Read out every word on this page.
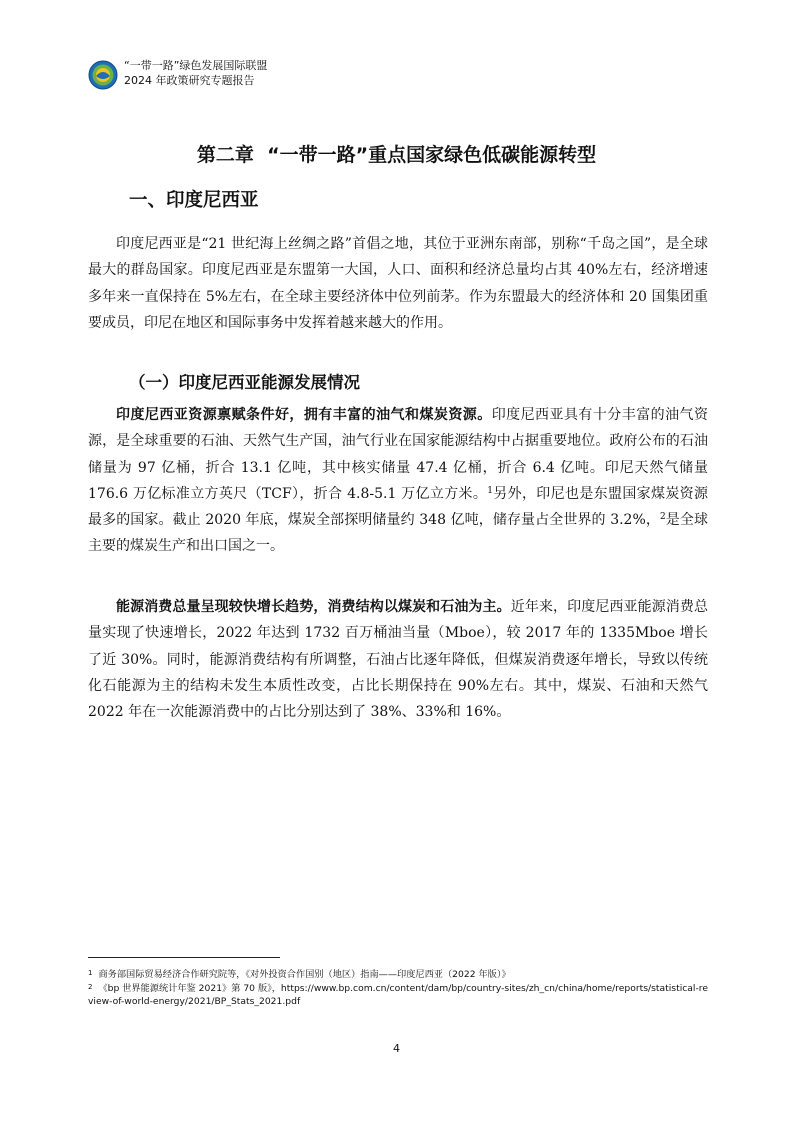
“一带一路”绿色发展国际联盟
2024 年政策研究专题报告
第二章  “一带一路”重点国家绿色低碳能源转型
一、印度尼西亚

印度尼西亚是“21 世纪海上丝绸之路”首倡之地，其位于亚洲东南部，别称“千岛之国”，是全球最大的群岛国家。印度尼西亚是东盟第一大国，人口、面积和经济总量均占其 40%左右，经济增速多年来一直保持在 5%左右，在全球主要经济体中位列前茅。作为东盟最大的经济体和 20 国集团重要成员，印尼在地区和国际事务中发挥着越来越大的作用。

（一）印度尼西亚能源发展情况

印度尼西亚资源禀赋条件好，拥有丰富的油气和煤炭资源。印度尼西亚具有十分丰富的油气资源，是全球重要的石油、天然气生产国，油气行业在国家能源结构中占据重要地位。政府公布的石油储量为 97 亿桶，折合 13.1 亿吨，其中核实储量 47.4 亿桶，折合 6.4 亿吨。印尼天然气储量 176.6 万亿标准立方英尺（TCF），折合 4.8-5.1 万亿立方米。$^1$另外，印尼也是东盟国家煤炭资源最多的国家。截止 2020 年底，煤炭全部探明储量约 348 亿吨，储存量占全世界的 3.2%，$^2$是全球主要的煤炭生产和出口国之一。

能源消费总量呈现较快增长趋势，消费结构以煤炭和石油为主。近年来，印度尼西亚能源消费总量实现了快速增长，2022 年达到 1732 百万桶油当量（Mboe），较 2017 年的 1335Mboe 增长了近 30%。同时，能源消费结构有所调整，石油占比逐年降低，但煤炭消费逐年增长，导致以传统化石能源为主的结构未发生本质性改变，占比长期保持在 90%左右。其中，煤炭、石油和天然气 2022 年在一次能源消费中的占比分别达到了 38%、33%和 16%。

$^1$ 商务部国际贸易经济合作研究院等，《对外投资合作国别（地区）指南——印度尼西亚（2022 年版）》

$^2$ 《bp 世界能源统计年鉴 2021》第 70 版》，https://www.bp.com.cn/content/dam/bp/country-sites/zh_cn/china/home/reports/statistical-review-of-world-energy/2021/BP_Stats_2021.pdf

4
